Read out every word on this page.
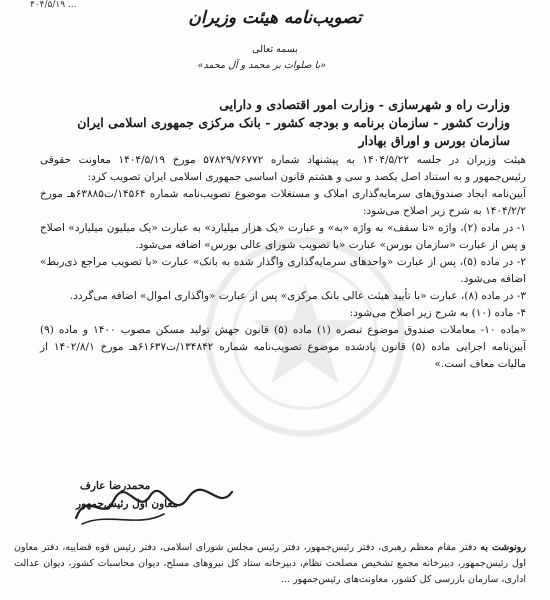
۴۰۴/۵/۱۹ ...
تصویب‌نامه هیئت وزیران
بسمه تعالی
«با صلوات بر محمد و آل محمد»
وزارت راه و شهرسازی - وزارت امور اقتصادی و دارایی
وزارت کشور - سازمان برنامه و بودجه کشور - بانک مرکزی جمهوری اسلامی ایران
سازمان بورس و اوراق بهادار

هیئت وزیران در جلسه ۱۴۰۴/۵/۲۲ به پیشنهاد شماره ۵۷۸۲۹/۷۶۷۷۲ مورخ ۱۴۰۴/۵/۱۹ معاونت حقوقی رئیس‌جمهور و به استناد اصل یکصد و سی و هشتم قانون اساسی جمهوری اسلامی ایران تصویب کرد:

آیین‌نامه ایجاد صندوق‌های سرمایه‌گذاری املاک و مستغلات موضوع تصویب‌نامه شماره ۱۴۵۶۴/ت۶۳۸۸۵هـ مورخ ۱۴۰۴/۲/۲ به شرح زیر اصلاح می‌شود:

۱- در ماده (۲)، واژه «تا سقف» به واژه «به» و عبارت «یک هزار میلیارد» به عبارت «یک میلیون میلیارد» اصلاح و پس از عبارت «سازمان بورس» عبارت «با تصویب شورای عالی بورس» اضافه می‌شود.

۲- در ماده (۵)، پس از عبارت «واحدهای سرمایه‌گذاری واگذار شده به بانک» عبارت «با تصویب مراجع ذی‌ربط» اضافه می‌شود.

۳- در ماده (۸)، عبارت «با تأیید هیئت عالی بانک مرکزی» پس از عبارت «واگذاری اموال» اضافه می‌گردد.

۴- ماده (۱۰) به شرح زیر اصلاح می‌شود:

«ماده ۱۰- معاملات صندوق موضوع تبصره (۱) ماده (۵) قانون جهش تولید مسکن مصوب ۱۴۰۰ و ماده (۹) آیین‌نامه اجرایی ماده (۵) قانون یادشده موضوع تصویب‌نامه شماره ۱۳۴۸۴۲/ت۶۱۶۳۷هـ مورخ ۱۴۰۲/۸/۱ از مالیات معاف است.»

محمدرضا عارف
معاون اول رئیس‌جمهور
رونوشت به دفتر مقام معظم رهبری، دفتر رئیس‌جمهور، دفتر رئیس مجلس شورای اسلامی، دفتر رئیس قوه قضاییه، دفتر معاون اول رئیس‌جمهور، دبیرخانه مجمع تشخیص مصلحت نظام، دبیرخانه ستاد کل نیروهای مسلح، دیوان محاسبات کشور، دیوان عدالت اداری، سازمان بازرسی کل کشور، معاونت‌های رئیس‌جمهور ...
